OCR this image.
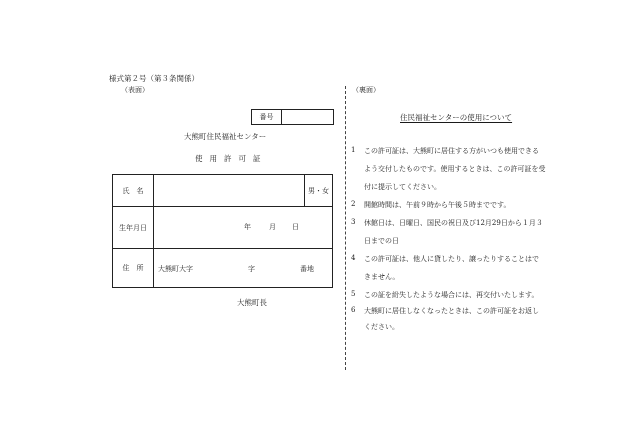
様式第２号（第３条関係）
（表面）	（裏面）
番号
大熊町住民福祉センター
使用許可証
氏　名		男・女
生年月日	年 月 日	

住　所	大熊町大字 字 番地	
大熊町長
住民福祉センターの使用について
1 この許可証は、大熊町に居住する方がいつも使用できる
よう交付したものです。使用するときは、この許可証を受
付に提示してください。
2 開館時間は、午前９時から午後５時までです。
3 休館日は、日曜日、国民の祝日及び12月29日から１月３
日までの日
4 この許可証は、他人に貸したり、譲ったりすることはで
きません。
5 この証を紛失したような場合には、再交付いたします。
6 大熊町に居住しなくなったときは、この許可証をお返し
ください。
